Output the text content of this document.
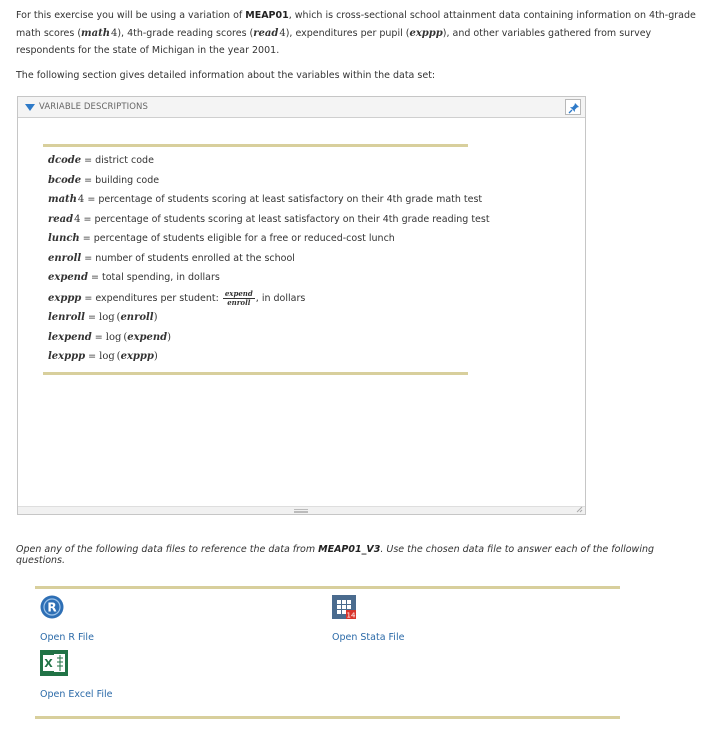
For this exercise you will be using a variation of MEAP01, which is cross-sectional school attainment data containing information on 4th-grade math scores (math 4), 4th-grade reading scores (read 4), expenditures per pupil (exppp), and other variables gathered from survey respondents for the state of Michigan in the year 2001.
The following section gives detailed information about the variables within the data set:
VARIABLE DESCRIPTIONS
dcode = district code
bcode = building code
math 4 = percentage of students scoring at least satisfactory on their 4th grade math test
read 4 = percentage of students scoring at least satisfactory on their 4th grade reading test
lunch = percentage of students eligible for a free or reduced-cost lunch
enroll = number of students enrolled at the school
expend = total spending, in dollars
exppp = expenditures per student: $\frac{\text{expend}}{\text{enroll}}$ , in dollars
lenroll = log  (enroll)
lexpend = log  (expend)
lexppp = log  (exppp)
Open any of the following data files to reference the data from MEAP01_V3. Use the chosen data file to answer each of the following questions.
R
Open R File
14
Open Stata File
X
Open Excel File
